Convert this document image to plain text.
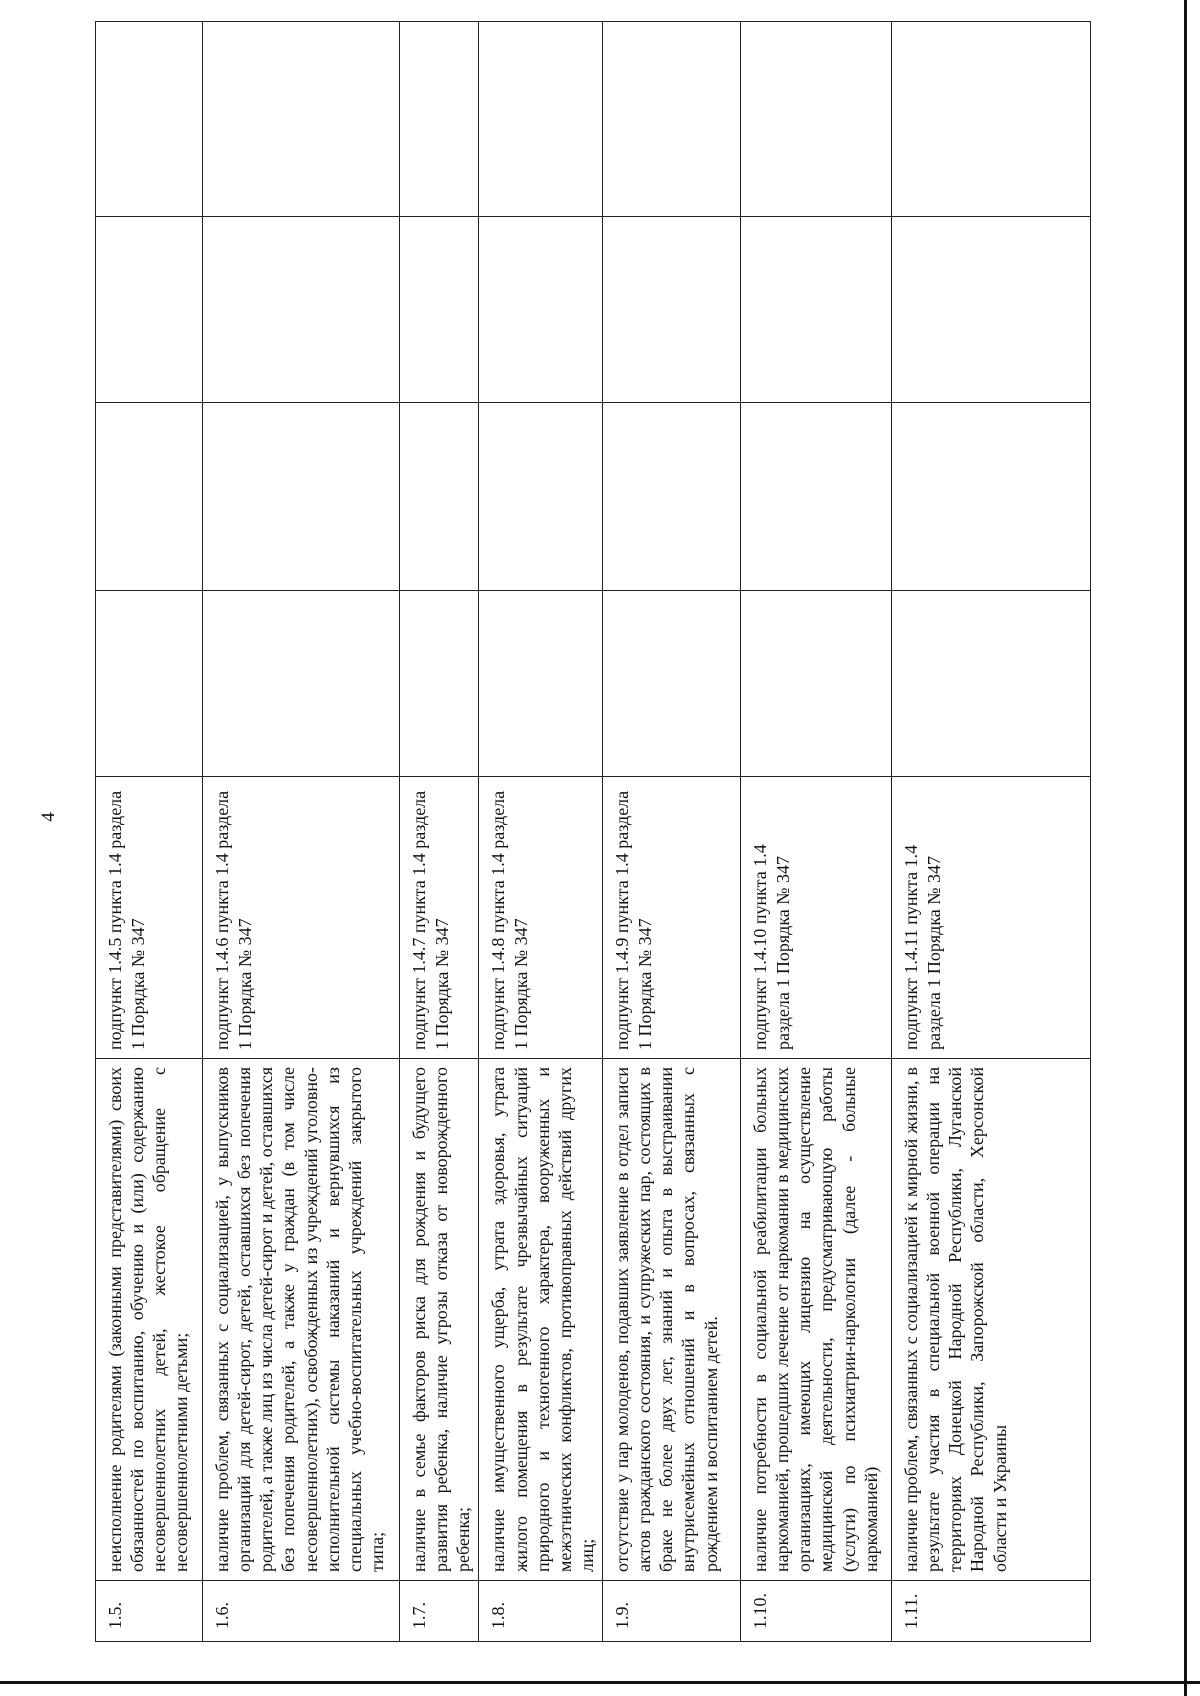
4
1.5.	неисполнение родителями (законными представителями) своих обязанностей по воспитанию, обучению и (или) содержанию несовершеннолетних детей, жестокое обращение с несовершеннолетними детьми;	подпункт 1.4.5 пункта 1.4 раздела 1 Порядка № 347				
1.6.	наличие проблем, связанных с социализацией, у выпускников организаций для детей-сирот, детей, оставшихся без попечения родителей, а также лиц из числа детей-сирот и детей, оставшихся без попечения родителей, а также у граждан (в том числе несовершеннолетних), освобожденных из учреждений уголовно-исполнительной системы наказаний и вернувшихся из специальных учебно-воспитательных учреждений закрытого типа;	подпункт 1.4.6 пункта 1.4 раздела 1 Порядка № 347				
1.7.	наличие в семье факторов риска для рождения и будущего развития ребенка, наличие угрозы отказа от новорожденного ребенка;	подпункт 1.4.7 пункта 1.4 раздела 1 Порядка № 347				
1.8.	наличие имущественного ущерба, утрата здоровья, утрата жилого помещения в результате чрезвычайных ситуаций природного и техногенного характера, вооруженных и межэтнических конфликтов, противоправных действий других лиц;	подпункт 1.4.8 пункта 1.4 раздела 1 Порядка № 347				
1.9.	отсутствие у пар молоденов, подавших заявление в отдел записи актов гражданского состояния, и супружеских пар, состоящих в браке не более двух лет, знаний и опыта в выстраивании внутрисемейных отношений и в вопросах, связанных с рождением и воспитанием детей.	подпункт 1.4.9 пункта 1.4 раздела 1 Порядка № 347				
1.10.	наличие потребности в социальной реабилитации больных наркоманией, прошедших лечение от наркомании в медицинских организациях, имеющих лицензию на осуществление медицинской деятельности, предусматривающую работы (услуги) по психиатрии-наркологии (далее - больные наркоманией)	подпункт 1.4.10 пункта 1.4 раздела 1 Порядка № 347				
1.11.	наличие проблем, связанных с социализацией к мирной жизни, в результате участия в специальной военной операции на территориях Донецкой Народной Республики, Луганской Народной Республики, Запорожской области, Херсонской области и Украины	подпункт 1.4.11 пункта 1.4 раздела 1 Порядка № 347				
